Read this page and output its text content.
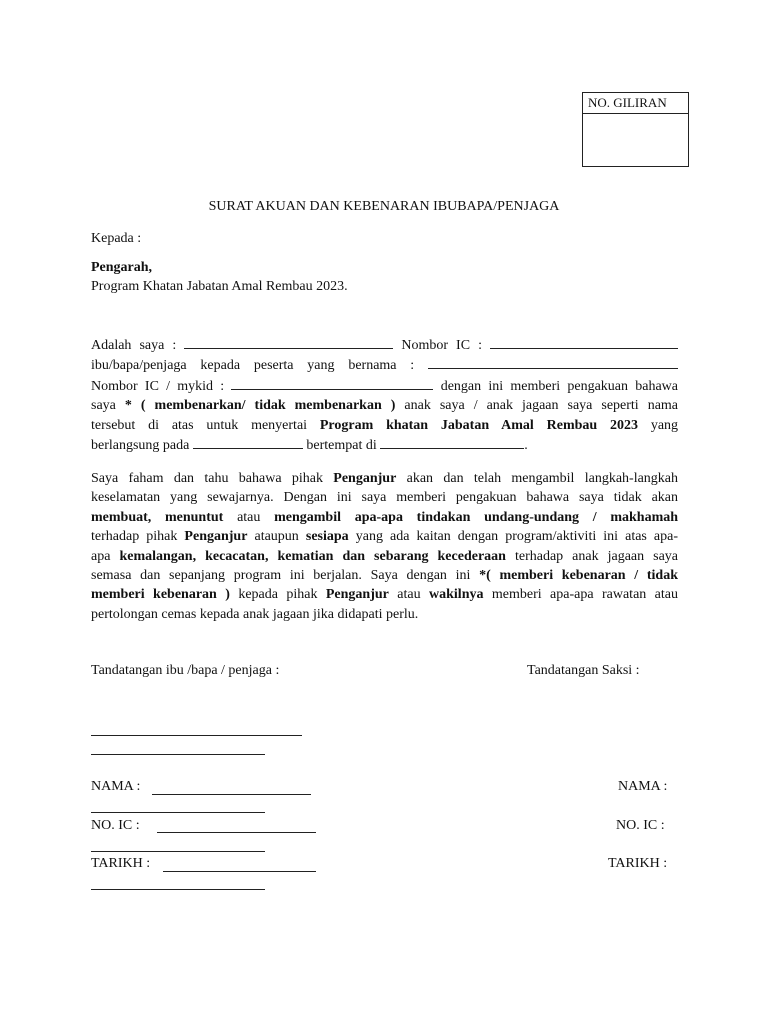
NO. GILIRAN
SURAT AKUAN DAN KEBENARAN IBUBAPA/PENJAGA
Kepada :
Pengarah,
Program Khatan Jabatan Amal Rembau 2023.
Adalah saya :	Nombor IC :
ibu/bapa/penjaga kepada peserta yang bernama :
Nombor IC / mykid :	dengan ini memberi pengakuan bahawa
saya * ( membenarkan/ tidak membenarkan ) anak saya / anak jagaan saya seperti nama
tersebut di atas untuk menyertai Program khatan Jabatan Amal Rembau 2023 yang
berlangsung pada	bertempat di	.
Saya faham dan tahu bahawa pihak Penganjur akan dan telah mengambil langkah-langkah
keselamatan yang sewajarnya. Dengan ini saya memberi pengakuan bahawa saya tidak akan
membuat, menuntut atau mengambil apa-apa tindakan undang-undang / makhamah
terhadap pihak Penganjur ataupun sesiapa yang ada kaitan dengan program/aktiviti ini atas apa-
apa kemalangan, kecacatan, kematian dan sebarang kecederaan terhadap anak jagaan saya
semasa dan sepanjang program ini berjalan. Saya dengan ini *( memberi kebenaran / tidak
memberi kebenaran ) kepada pihak Penganjur atau wakilnya memberi apa-apa rawatan atau
pertolongan cemas kepada anak jagaan jika didapati perlu.
Tandatangan ibu /bapa / penjaga :	Tandatangan Saksi :
NAMA :	NAMA :
NO. IC :	NO. IC :
TARIKH :	TARIKH :
